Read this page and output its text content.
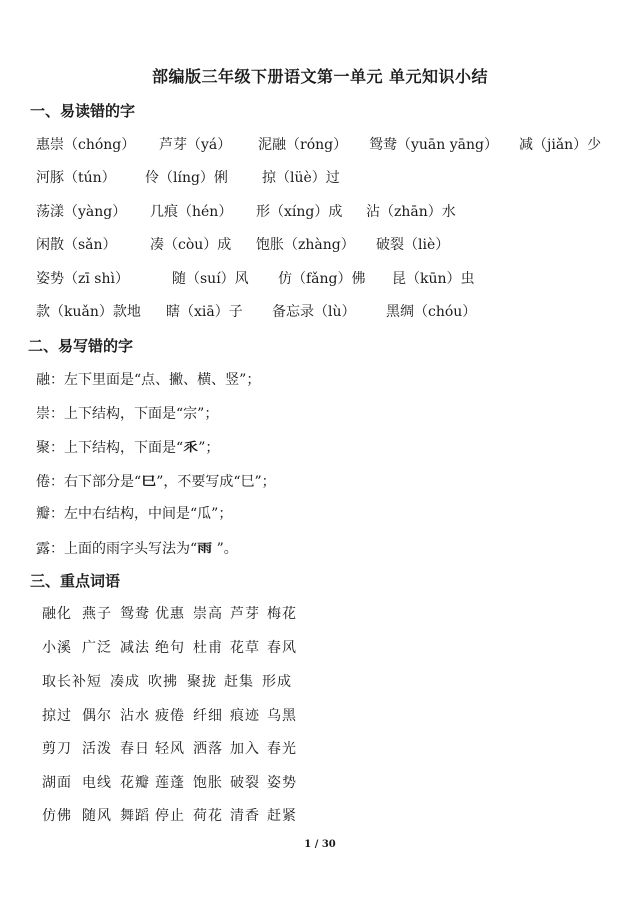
部编版三年级下册语文第一单元 单元知识小结
一、易读错的字
惠崇（chóng） 芦芽（yá） 泥融（róng） 鸳鸯（yuān yāng） 减（jiǎn）少
河豚（tún） 伶（líng）俐 掠（lüè）过
荡漾（yàng） 几痕（hén） 形（xíng）成 沾（zhān）水
闲散（sǎn） 凑（còu）成 饱胀（zhàng） 破裂（liè）
姿势（zī shì）	随（suí）风 仿（fǎng）佛 昆（kūn）虫
款（kuǎn）款地 瞎（xiā）子 备忘录（lù） 黑绸（chóu）
二、易写错的字
融：左下里面是“点、撇、横、竖”；
崇：上下结构，下面是“宗”；
聚：上下结构，下面是“乑”；
倦：右下部分是“巳”，不要写成“巳”；
瓣：左中右结构，中间是“瓜”；
露：上面的雨字头写法为“雨 ”。
三、重点词语
融化 燕子 鸳鸯 优惠 崇高 芦芽 梅花
小溪 广泛 减法 绝句 杜甫 花草 春风
取长补短 凑成 吹拂 聚拢 赶集 形成
掠过 偶尔 沾水 疲倦 纤细 痕迹 乌黑
剪刀 活泼 春日 轻风 洒落 加入 春光
湖面 电线 花瓣 莲蓬 饱胀 破裂 姿势
仿佛 随风 舞蹈 停止 荷花 清香 赶紧
1 / 30
